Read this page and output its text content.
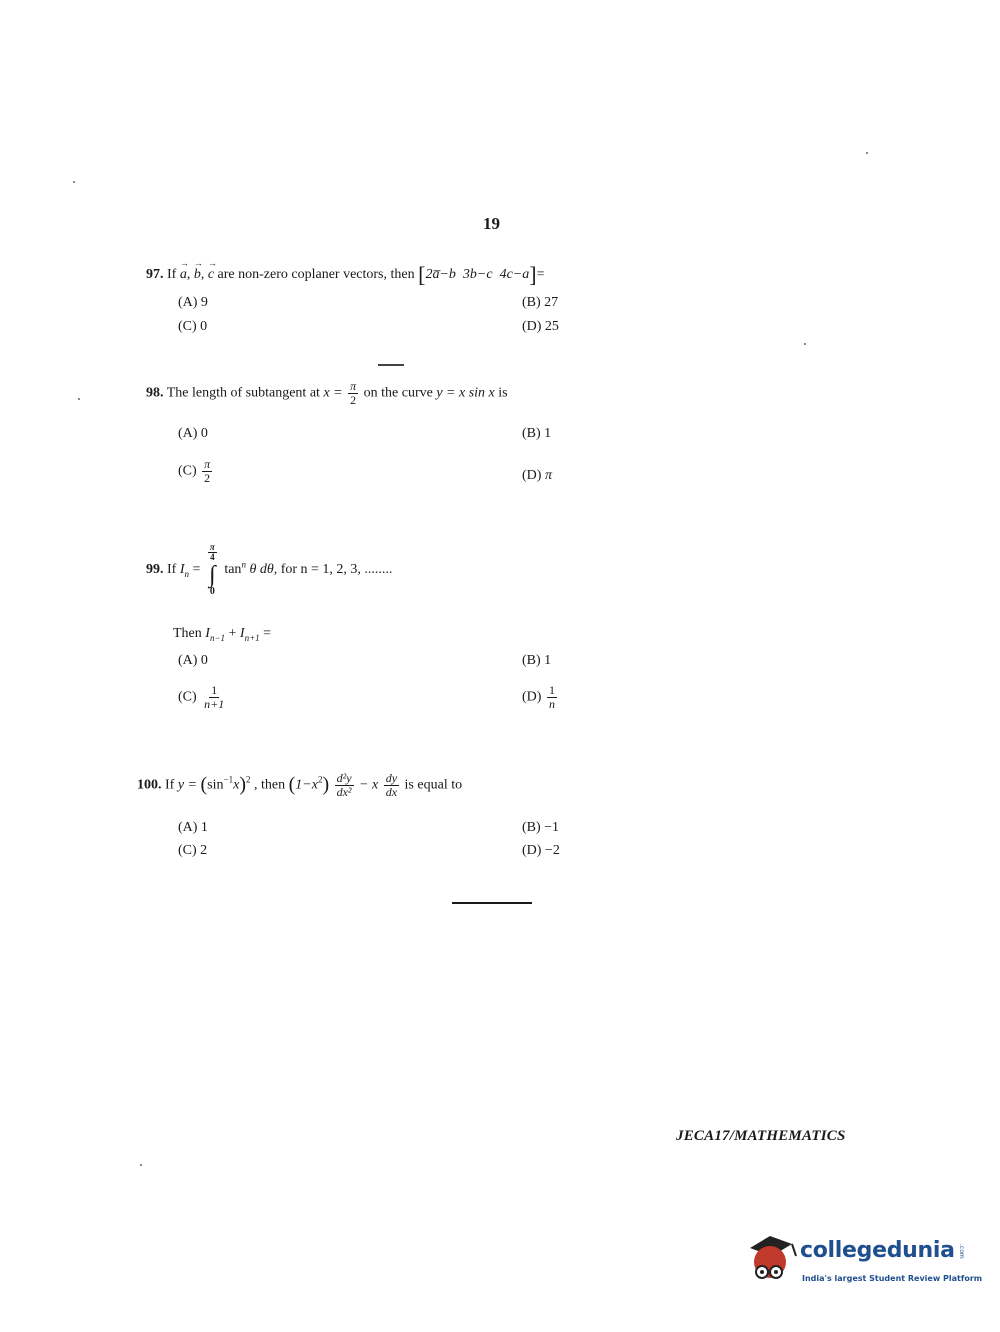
19
97. If → a, → b, → c are non-zero coplaner vectors, then [2a̅−b 3b−c 4c−a]=
(A) 9	(B) 27
(C) 0	(D) 25
98. The length of subtangent at $x = \frac{\pi}{2}$ on the curve y = x sin x is
(A) 0	(B) 1
$(C) \frac{\pi}{2}$	(D) π
99. If $I_n$ =
$\frac{\pi}{4}$
∫
0
$\tan^n \theta$ dθ, for n = 1, 2, 3, ........
Then $I_{n-1} + I_{n+1}$ =
(A) 0	(B) 1
$(C) \frac{1}{n+1}$	$(D) \frac{1}{n}$
100. If $y = (\sin^{-1}x)^2$ , then $(1-x^2) \frac{\text{d²y}}{\text{dx²}} - x \frac{dy}{dx}$ is equal to
(A) 1	(B) −1
(C) 2	(D) −2
JECA17/MATHEMATICS
collegedunia .com
India's largest Student Review Platform
